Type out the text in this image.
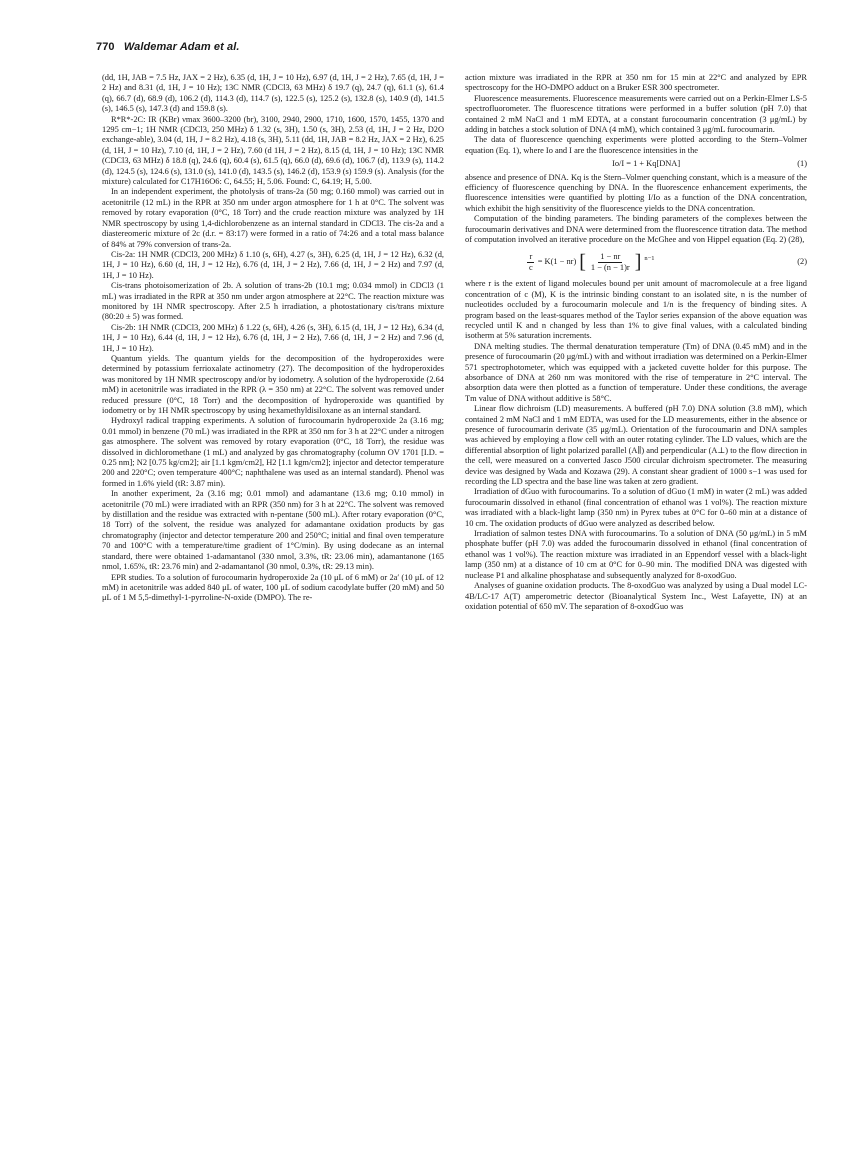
770 Waldemar Adam et al.

(dd, 1H, JAB = 7.5 Hz, JAX = 2 Hz), 6.35 (d, 1H, J = 10 Hz), 6.97 (d, 1H, J = 2 Hz), 7.65 (d, 1H, J = 2 Hz) and 8.31 (d, 1H, J = 10 Hz); 13C NMR (CDCl3, 63 MHz) δ 19.7 (q), 24.7 (q), 61.1 (s), 61.4 (q), 66.7 (d), 68.9 (d), 106.2 (d), 114.3 (d), 114.7 (s), 122.5 (s), 125.2 (s), 132.8 (s), 140.9 (d), 141.5 (s), 146.5 (s), 147.3 (d) and 159.8 (s).

R*R*-2C: IR (KBr) νmax 3600–3200 (br), 3100, 2940, 2900, 1710, 1600, 1570, 1455, 1370 and 1295 cm−1; 1H NMR (CDCl3, 250 MHz) δ 1.32 (s, 3H), 1.50 (s, 3H), 2.53 (d, 1H, J = 2 Hz, D2O exchange-able), 3.04 (d, 1H, J = 8.2 Hz), 4.18 (s, 3H), 5.11 (dd, 1H, JAB = 8.2 Hz, JAX = 2 Hz), 6.25 (d, 1H, J = 10 Hz), 7.10 (d, 1H, J = 2 Hz), 7.60 (d 1H, J = 2 Hz), 8.15 (d, 1H, J = 10 Hz); 13C NMR (CDCl3, 63 MHz) δ 18.8 (q), 24.6 (q), 60.4 (s), 61.5 (q), 66.0 (d), 69.6 (d), 106.7 (d), 113.9 (s), 114.2 (d), 124.5 (s), 124.6 (s), 131.0 (s), 141.0 (d), 143.5 (s), 146.2 (d), 153.9 (s) 159.9 (s). Analysis (for the mixture) calculated for C17H16O6: C, 64.55; H, 5.06. Found: C, 64.19; H, 5.00.

In an independent experiment, the photolysis of trans-2a (50 mg; 0.160 mmol) was carried out in acetonitrile (12 mL) in the RPR at 350 nm under argon atmosphere for 1 h at 0°C. The solvent was removed by rotary evaporation (0°C, 18 Torr) and the crude reaction mixture was analyzed by 1H NMR spectroscopy by using 1,4-dichlorobenzene as an internal standard in CDCl3. The cis-2a and a diastereomeric mixture of 2c (d.r. = 83:17) were formed in a ratio of 74:26 and a total mass balance of 84% at 79% conversion of trans-2a.

Cis-2a: 1H NMR (CDCl3, 200 MHz) δ 1.10 (s, 6H), 4.27 (s, 3H), 6.25 (d, 1H, J = 12 Hz), 6.32 (d, 1H, J = 10 Hz), 6.60 (d, 1H, J = 12 Hz), 6.76 (d, 1H, J = 2 Hz), 7.66 (d, 1H, J = 2 Hz) and 7.97 (d, 1H, J = 10 Hz).

Cis-trans photoisomerization of 2b. A solution of trans-2b (10.1 mg; 0.034 mmol) in CDCl3 (1 mL) was irradiated in the RPR at 350 nm under argon atmosphere at 22°C. The reaction mixture was monitored by 1H NMR spectroscopy. After 2.5 h irradiation, a photostationary cis/trans mixture (80:20 ± 5) was formed.

Cis-2b: 1H NMR (CDCl3, 200 MHz) δ 1.22 (s, 6H), 4.26 (s, 3H), 6.15 (d, 1H, J = 12 Hz), 6.34 (d, 1H, J = 10 Hz), 6.44 (d, 1H, J = 12 Hz), 6.76 (d, 1H, J = 2 Hz), 7.66 (d, 1H, J = 2 Hz) and 7.96 (d, 1H, J = 10 Hz).

Quantum yields. The quantum yields for the decomposition of the hydroperoxides were determined by potassium ferrioxalate actinometry (27). The decomposition of the hydroperoxides was monitored by 1H NMR spectroscopy and/or by iodometry. A solution of the hydroperoxide (2.64 mM) in acetonitrile was irradiated in the RPR (λ = 350 nm) at 22°C. The solvent was removed under reduced pressure (0°C, 18 Torr) and the decomposition of hydroperoxide was quantified by iodometry or by 1H NMR spectroscopy by using hexamethyldisiloxane as an internal standard.

Hydroxyl radical trapping experiments. A solution of furocoumarin hydroperoxide 2a (3.16 mg; 0.01 mmol) in benzene (70 mL) was irradiated in the RPR at 350 nm for 3 h at 22°C under a nitrogen gas atmosphere. The solvent was removed by rotary evaporation (0°C, 18 Torr), the residue was dissolved in dichloromethane (1 mL) and analyzed by gas chromatography (column OV 1701 [I.D. = 0.25 nm]; N2 [0.75 kg/cm2]; air [1.1 kgm/cm2], H2 [1.1 kgm/cm2]; injector and detector temperature 200 and 220°C; oven temperature 400°C; naphthalene was used as an internal standard). Phenol was formed in 1.6% yield (tR: 3.87 min).

In another experiment, 2a (3.16 mg; 0.01 mmol) and adamantane (13.6 mg; 0.10 mmol) in acetonitrile (70 mL) were irradiated with an RPR (350 nm) for 3 h at 22°C. The solvent was removed by distillation and the residue was extracted with n-pentane (500 mL). After rotary evaporation (0°C, 18 Torr) of the solvent, the residue was analyzed for adamantane oxidation products by gas chromatography (injector and detector temperature 200 and 250°C; initial and final oven temperature 70 and 100°C with a temperature/time gradient of 1°C/min). By using dodecane as an internal standard, there were obtained 1-adamantanol (330 nmol, 3.3%, tR: 23.06 min), adamantanone (165 nmol, 1.65%, tR: 23.76 min) and 2-adamantanol (30 nmol, 0.3%, tR: 29.13 min).

EPR studies. To a solution of furocoumarin hydroperoxide 2a (10 μL of 6 mM) or 2a′ (10 μL of 12 mM) in acetonitrile was added 840 μL of water, 100 μL of sodium cacodylate buffer (20 mM) and 50 μL of 1 M 5,5-dimethyl-1-pyrroline-N-oxide (DMPO). The re-

action mixture was irradiated in the RPR at 350 nm for 15 min at 22°C and analyzed by EPR spectroscopy for the HO-DMPO adduct on a Bruker ESR 300 spectrometer.

Fluorescence measurements. Fluorescence measurements were carried out on a Perkin-Elmer LS-5 spectrofluorometer. The fluorescence titrations were performed in a buffer solution (pH 7.0) that contained 2 mM NaCl and 1 mM EDTA, at a constant furocoumarin concentration (3 μg/mL) by adding in batches a stock solution of DNA (4 mM), which contained 3 μg/mL furocoumarin.

The data of fluorescence quenching experiments were plotted according to the Stern–Volmer equation (Eq. 1), where Io and I are the fluorescence intensities in the

Io/I = 1 + Kq[DNA]	(1)

absence and presence of DNA. Kq is the Stern–Volmer quenching constant, which is a measure of the efficiency of fluorescence quenching by DNA. In the fluorescence enhancement experiments, the fluorescence intensities were quantified by plotting I/Io as a function of the DNA concentration, which exhibit the high sensitivity of the fluorescence yields to the DNA concentration.

Computation of the binding parameters. The binding parameters of the complexes between the furocoumarin derivatives and DNA were determined from the fluorescence titration data. The method of computation involved an iterative procedure on the McGhee and von Hippel equation (Eq. 2) (28),

$\frac{r}{c} = K(1 - nr)$ [ $\frac{1 - nr}{1 - (n - 1)r}$ ] $^{n-1}$	(2)

where r is the extent of ligand molecules bound per unit amount of macromolecule at a free ligand concentration of c (M), K is the intrinsic binding constant to an isolated site, n is the number of nucleotides occluded by a furocoumarin molecule and 1/n is the frequency of binding sites. A program based on the least-squares method of the Taylor series expansion of the above equation was recycled until K and n changed by less than 1% to give final values, with a calculated binding isotherm at 5% saturation increments.

DNA melting studies. The thermal denaturation temperature (Tm) of DNA (0.45 mM) and in the presence of furocoumarin (20 μg/mL) with and without irradiation was determined on a Perkin-Elmer 571 spectrophotometer, which was equipped with a jacketed cuvette holder for this purpose. The absorbance of DNA at 260 nm was monitored with the rise of temperature in 2°C interval. The absorption data were then plotted as a function of temperature. Under these conditions, the average Tm value of DNA without additive is 58°C.

Linear flow dichroism (LD) measurements. A buffered (pH 7.0) DNA solution (3.8 mM), which contained 2 mM NaCl and 1 mM EDTA, was used for the LD measurements, either in the absence or presence of furocoumarin derivate (35 μg/mL). Orientation of the furocoumarin and DNA samples was achieved by employing a flow cell with an outer rotating cylinder. The LD values, which are the differential absorption of light polarized parallel (A∥) and perpendicular (A⊥) to the flow direction in the cell, were measured on a converted Jasco J500 circular dichroism spectrometer. The measuring device was designed by Wada and Kozawa (29). A constant shear gradient of 1000 s−1 was used for recording the LD spectra and the base line was taken at zero gradient.

Irradiation of dGuo with furocoumarins. To a solution of dGuo (1 mM) in water (2 mL) was added furocoumarin dissolved in ethanol (final concentration of ethanol was 1 vol%). The reaction mixture was irradiated with a black-light lamp (350 nm) in Pyrex tubes at 0°C for 0–60 min at a distance of 10 cm. The oxidation products of dGuo were analyzed as described below.

Irradiation of salmon testes DNA with furocoumarins. To a solution of DNA (50 μg/mL) in 5 mM phosphate buffer (pH 7.0) was added the furocoumarin dissolved in ethanol (final concentration of ethanol was 1 vol%). The reaction mixture was irradiated in an Eppendorf vessel with a black-light lamp (350 nm) at a distance of 10 cm at 0°C for 0–90 min. The modified DNA was digested with nuclease P1 and alkaline phosphatase and subsequently analyzed for 8-oxodGuo.

Analyses of guanine oxidation products. The 8-oxodGuo was analyzed by using a Dual model LC-4B/LC-17 A(T) amperometric detector (Bioanalytical System Inc., West Lafayette, IN) at an oxidation potential of 650 mV. The separation of 8-oxodGuo was
